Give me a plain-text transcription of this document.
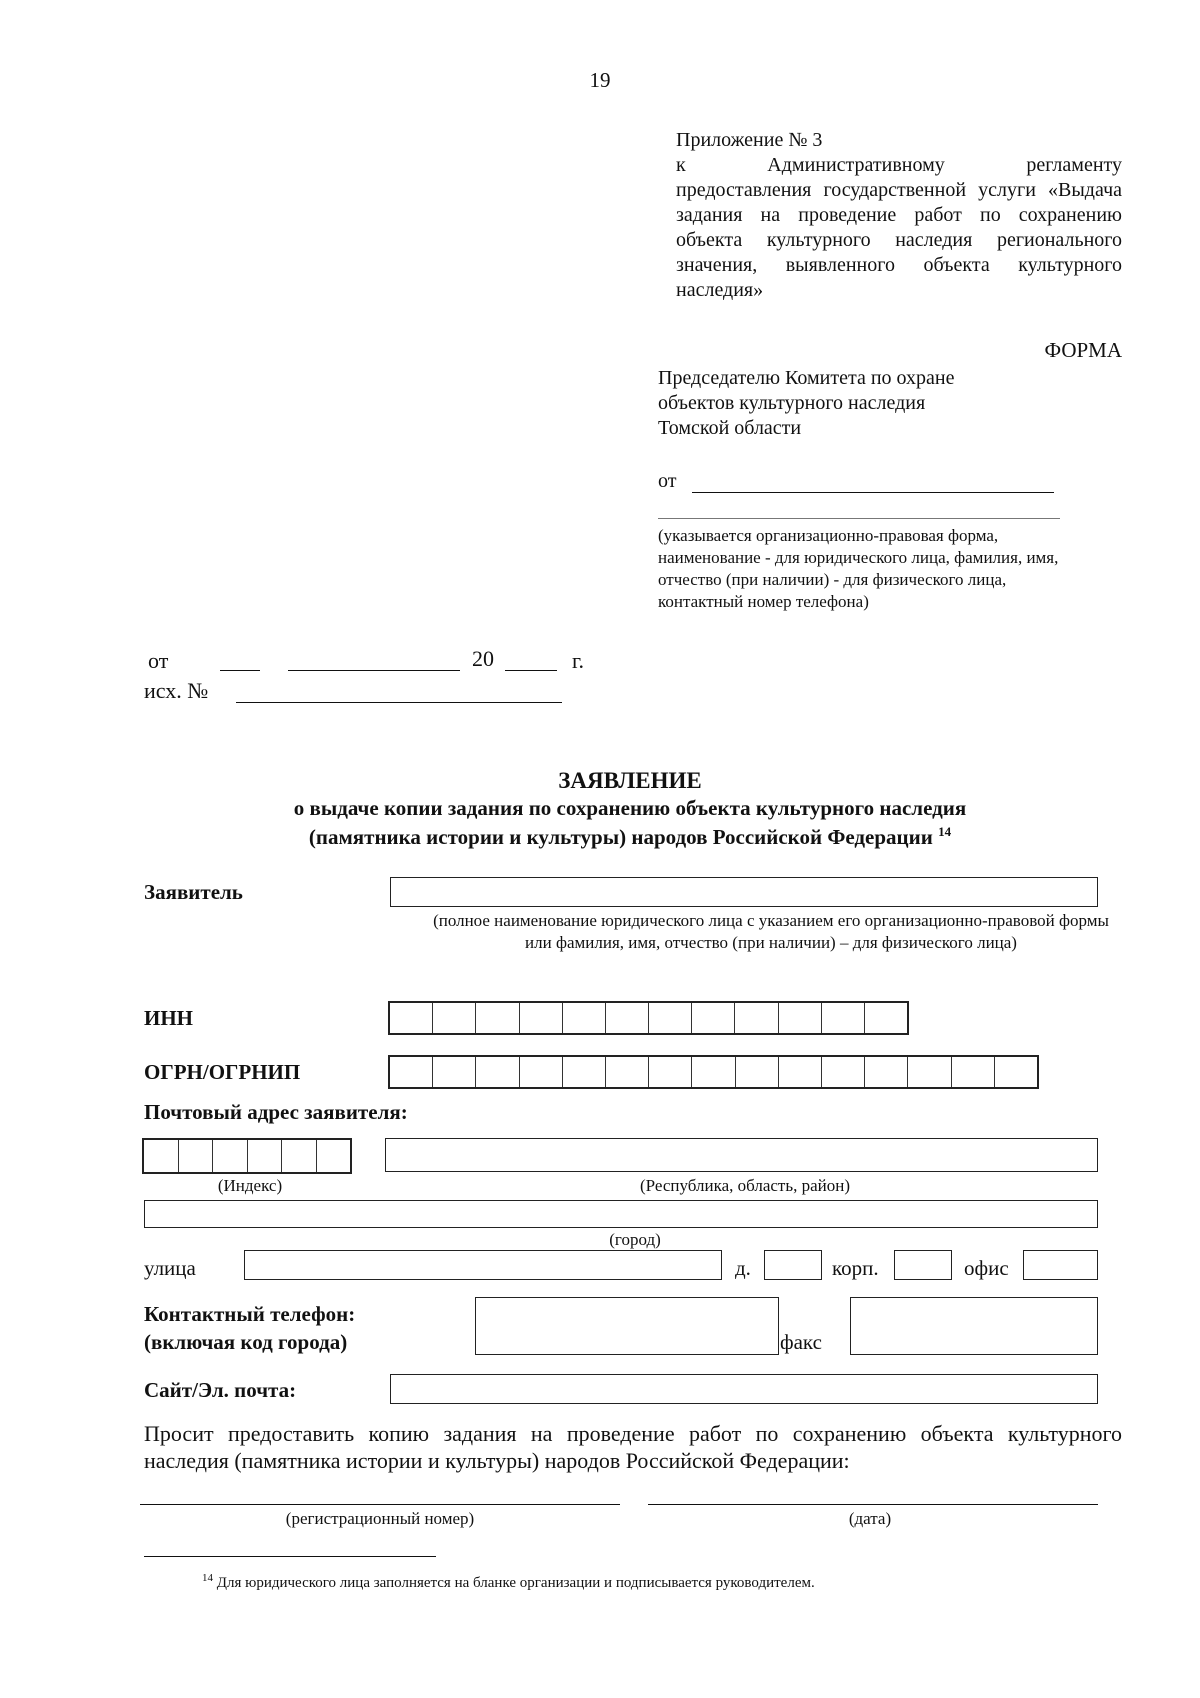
19
Приложение № 3
к	Административному	регламенту
предоставления государственной услуги «Выдача задания на проведение работ по сохранению объекта культурного наследия регионального значения, выявленного объекта культурного наследия»
ФОРМА
Председателю Комитета по охране
объектов культурного наследия
Томской области
от
(указывается организационно-правовая форма, наименование - для юридического лица, фамилия, имя, отчество (при наличии) - для физического лица, контактный номер телефона)
от	20	г.
исх. №
ЗАЯВЛЕНИЕ
о выдаче копии задания по сохранению объекта культурного наследия
(памятника истории и культуры) народов Российской Федерации $^{14}$
Заявитель
(полное наименование юридического лица с указанием его организационно-правовой формы или фамилия, имя, отчество (при наличии) – для физического лица)
ИНН
ОГРН/ОГРНИП
Почтовый адрес заявителя:
(Индекс)	(Республика, область, район)
(город)
улица	д.	корп.	офис
Контактный телефон:
(включая код города)	факс
Сайт/Эл. почта:
Просит предоставить копию задания на проведение работ по сохранению объекта культурного наследия (памятника истории и культуры) народов Российской Федерации:
(регистрационный номер)	(дата)
$^{14}$ Для юридического лица заполняется на бланке организации и подписывается руководителем.
